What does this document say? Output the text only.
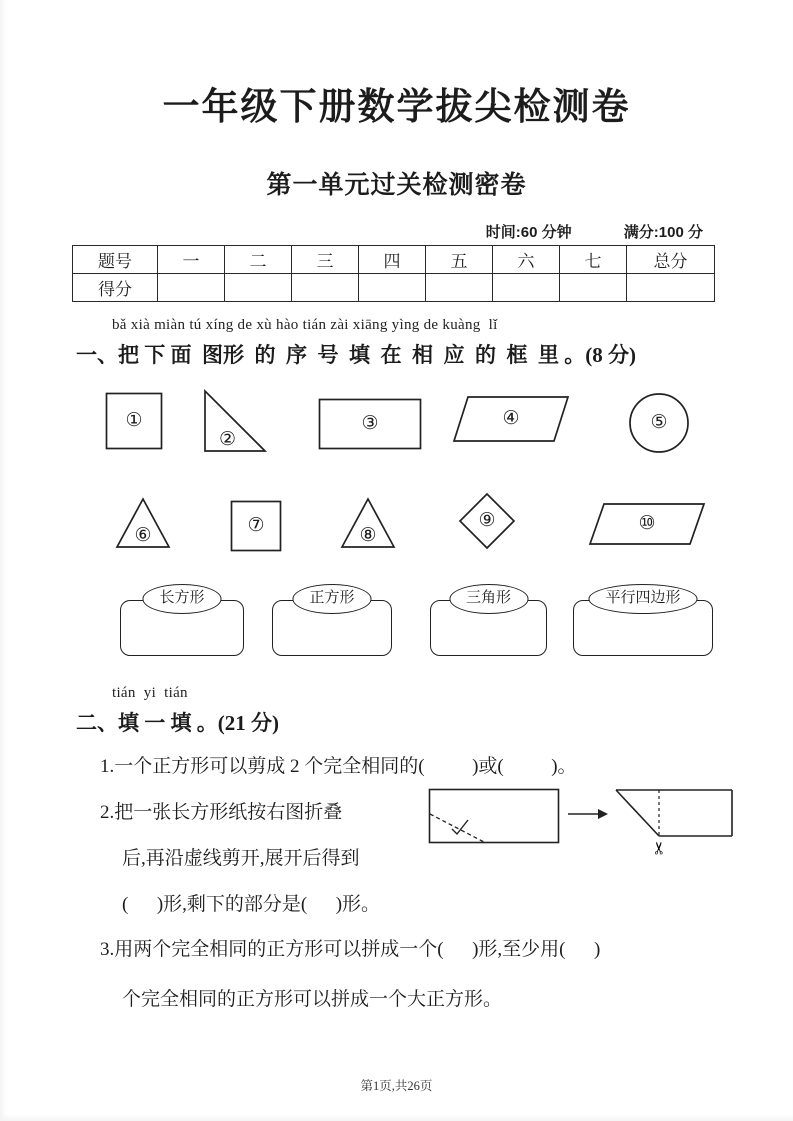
一年级下册数学拔尖检测卷
第一单元过关检测密卷
时间:60 分钟	满分:100 分
题号	一	二	三	四	五	六	七	总分
得分								
bǎ xià miàn tú xíng de xù hào tián zài xiāng yìng de kuàng  lǐ
一、把 下 面  图形  的  序  号  填  在  相  应  的  框  里 。(8 分)
①
②
③	④	⑤
⑥	⑦	⑧
⑨	⑩
长方形	正方形	三角形	平行四边形
tián  yi  tián
二、填 一 填 。(21 分)
1.一个正方形可以剪成 2 个完全相同的(          )或(          )。
2.把一张长方形纸按右图折叠
后,再沿虚线剪开,展开后得到
(      )形,剩下的部分是(      )形。
✂
3.用两个完全相同的正方形可以拼成一个(      )形,至少用(      )
个完全相同的正方形可以拼成一个大正方形。
第1页,共26页
